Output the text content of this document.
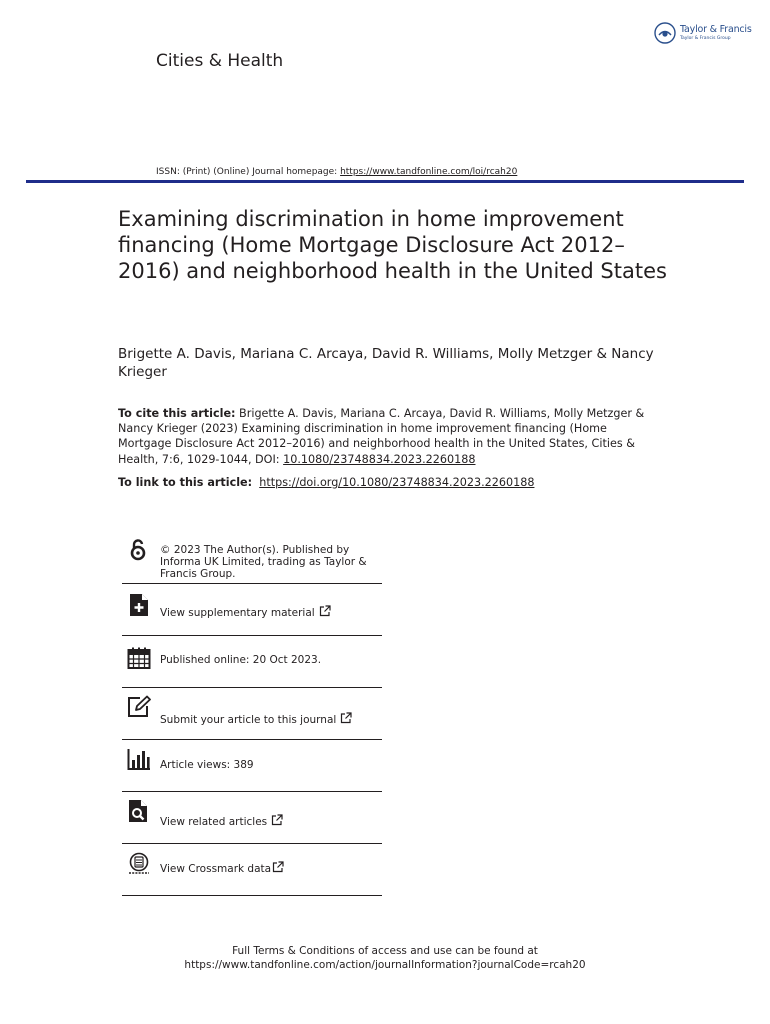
Taylor & Francis
Taylor & Francis Group
Cities & Health
ISSN: (Print) (Online) Journal homepage: https://www.tandfonline.com/loi/rcah20
Examining discrimination in home improvement financing (Home Mortgage Disclosure Act 2012–2016) and neighborhood health in the United States
Brigette A. Davis, Mariana C. Arcaya, David R. Williams, Molly Metzger & Nancy Krieger
To cite this article: Brigette A. Davis, Mariana C. Arcaya, David R. Williams, Molly Metzger & Nancy Krieger (2023) Examining discrimination in home improvement financing (Home Mortgage Disclosure Act 2012–2016) and neighborhood health in the United States, Cities & Health, 7:6, 1029-1044, DOI: 10.1080/23748834.2023.2260188
To link to this article: https://doi.org/10.1080/23748834.2023.2260188
© 2023 The Author(s). Published by Informa UK Limited, trading as Taylor & Francis Group.
View supplementary material
Published online: 20 Oct 2023.
Submit your article to this journal
Article views: 389
View related articles
View Crossmark data
Full Terms & Conditions of access and use can be found at
https://www.tandfonline.com/action/journalInformation?journalCode=rcah20
